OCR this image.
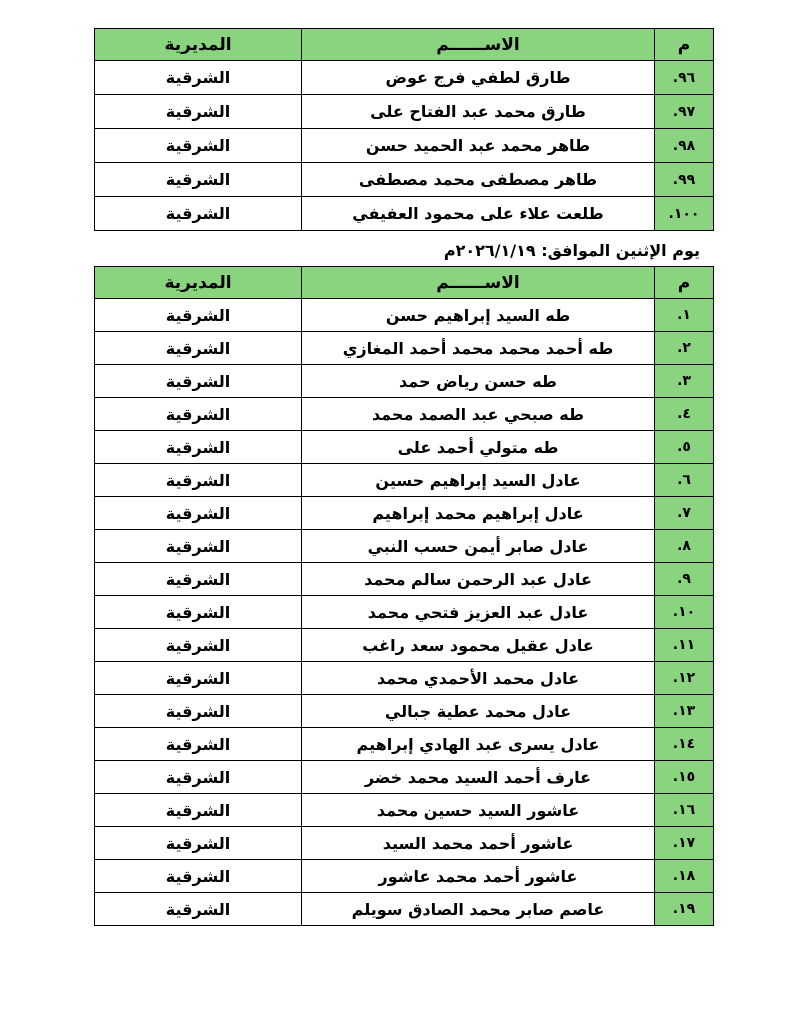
م	الاســــــم	المديرية
٩٦.	طارق لطفي فرج عوض	الشرقية
٩٧.	طارق محمد عبد الفتاح على	الشرقية
٩٨.	طاهر محمد عبد الحميد حسن	الشرقية
٩٩.	طاهر مصطفى محمد مصطفى	الشرقية
١٠٠.	طلعت علاء على محمود العفيفي	الشرقية
يوم الإثنين الموافق: ٢٠٢٦/١/١٩م
م	الاســــــم	المديرية
١.	طه السيد إبراهيم حسن	الشرقية
٢.	طه أحمد محمد محمد أحمد المغازي	الشرقية
٣.	طه حسن رياض حمد	الشرقية
٤.	طه صبحي عبد الصمد محمد	الشرقية
٥.	طه متولي أحمد على	الشرقية
٦.	عادل السيد إبراهيم حسين	الشرقية
٧.	عادل إبراهيم محمد إبراهيم	الشرقية
٨.	عادل صابر أيمن حسب النبي	الشرقية
٩.	عادل عبد الرحمن سالم محمد	الشرقية
١٠.	عادل عبد العزيز فتحي محمد	الشرقية
١١.	عادل عقيل محمود سعد راغب	الشرقية
١٢.	عادل محمد الأحمدي محمد	الشرقية
١٣.	عادل محمد عطية جبالي	الشرقية
١٤.	عادل يسرى عبد الهادي إبراهيم	الشرقية
١٥.	عارف أحمد السيد محمد خضر	الشرقية
١٦.	عاشور السيد حسين محمد	الشرقية
١٧.	عاشور أحمد محمد السيد	الشرقية
١٨.	عاشور أحمد محمد عاشور	الشرقية
١٩.	عاصم صابر محمد الصادق سويلم	الشرقية
